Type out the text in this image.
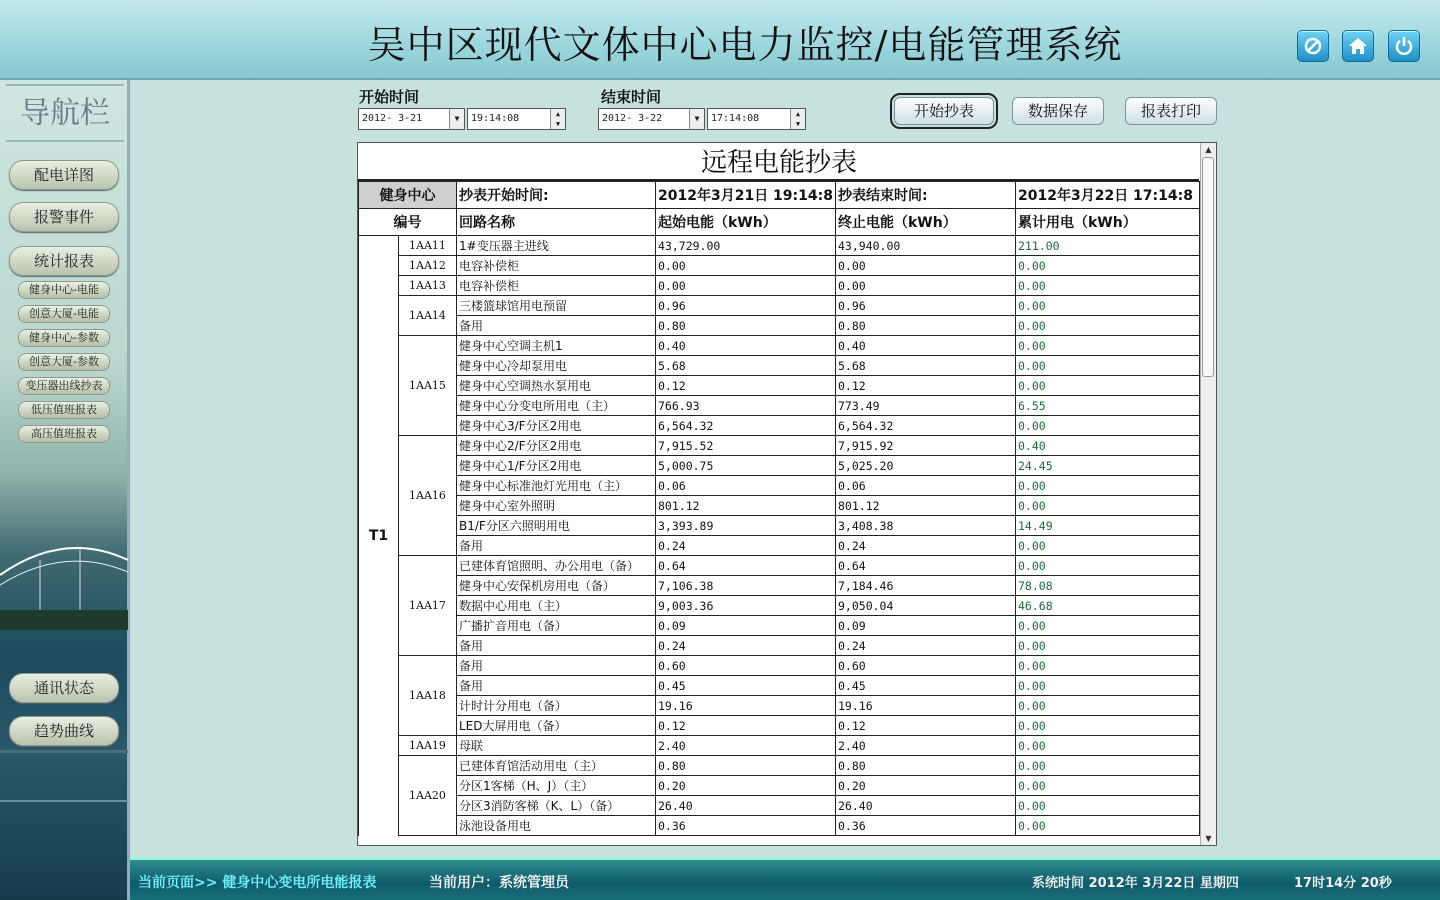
吴中区现代文体中心电力监控/电能管理系统
导航栏
配电详图
报警事件
统计报表
健身中心-电能
创意大厦-电能
健身中心-参数
创意大厦-参数
变压器出线抄表
低压值班报表
高压值班报表
通讯状态
趋势曲线
开始时间
2012- 3-21	▼	19:14:08	▲
▼
结束时间
2012- 3-22	▼	17:14:08	▲
▼
开始抄表	数据保存	报表打印
远程电能抄表	▲
▼
健身中心		抄表开始时间:	2012年3月21日 19:14:8	抄表结束时间:	2012年3月22日 17:14:8
编号		回路名称	起始电能（kWh）	终止电能（kWh）	累计用电（kWh）
T1	1AA11	1#变压器主进线	43,729.00	43,940.00	211.00
	1AA12	电容补偿柜	0.00	0.00	0.00
	1AA13	电容补偿柜	0.00	0.00	0.00
	1AA14	三楼篮球馆用电预留	0.96	0.96	0.00
		备用	0.80	0.80	0.00
	1AA15	健身中心空调主机1	0.40	0.40	0.00
		健身中心冷却泵用电	5.68	5.68	0.00
		健身中心空调热水泵用电	0.12	0.12	0.00
		健身中心分变电所用电（主）	766.93	773.49	6.55
		健身中心3/F分区2用电	6,564.32	6,564.32	0.00
	1AA16	健身中心2/F分区2用电	7,915.52	7,915.92	0.40
		健身中心1/F分区2用电	5,000.75	5,025.20	24.45
		健身中心标准池灯光用电（主）	0.06	0.06	0.00
		健身中心室外照明	801.12	801.12	0.00
		B1/F分区六照明用电	3,393.89	3,408.38	14.49
		备用	0.24	0.24	0.00
	1AA17	已建体育馆照明、办公用电（备）	0.64	0.64	0.00
		健身中心安保机房用电（备）	7,106.38	7,184.46	78.08
		数据中心用电（主）	9,003.36	9,050.04	46.68
		广播扩音用电（备）	0.09	0.09	0.00
		备用	0.24	0.24	0.00
	1AA18	备用	0.60	0.60	0.00
		备用	0.45	0.45	0.00
		计时计分用电（备）	19.16	19.16	0.00
		LED大屏用电（备）	0.12	0.12	0.00
	1AA19	母联	2.40	2.40	0.00
	1AA20	已建体育馆活动用电（主）	0.80	0.80	0.00
		分区1客梯（H、J）（主）	0.20	0.20	0.00
		分区3消防客梯（K、L）（备）	26.40	26.40	0.00
		泳池设备用电	0.36	0.36	0.00
当前页面>> 健身中心变电所电能报表	当前用户：系统管理员	系统时间 2012年 3月22日 星期四	17时14分 20秒
